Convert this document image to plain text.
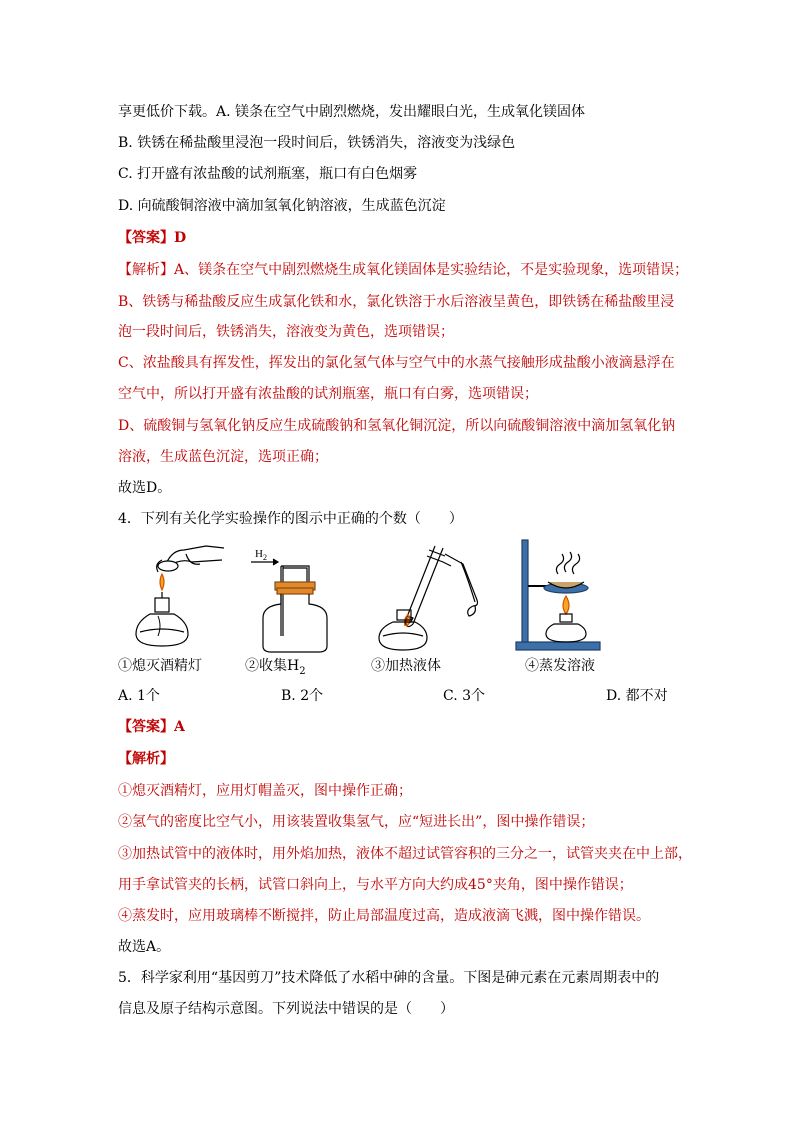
享更低价下载。A. 镁条在空气中剧烈燃烧，发出耀眼白光，生成氧化镁固体
B. 铁锈在稀盐酸里浸泡一段时间后，铁锈消失，溶液变为浅绿色
C. 打开盛有浓盐酸的试剂瓶塞，瓶口有白色烟雾
D. 向硫酸铜溶液中滴加氢氧化钠溶液，生成蓝色沉淀
【答案】D
【解析】A、镁条在空气中剧烈燃烧生成氧化镁固体是实验结论，不是实验现象，选项错误；
B、铁锈与稀盐酸反应生成氯化铁和水，氯化铁溶于水后溶液呈黄色，即铁锈在稀盐酸里浸
泡一段时间后，铁锈消失，溶液变为黄色，选项错误；
C、浓盐酸具有挥发性，挥发出的氯化氢气体与空气中的水蒸气接触形成盐酸小液滴悬浮在
空气中，所以打开盛有浓盐酸的试剂瓶塞，瓶口有白雾，选项错误；
D、硫酸铜与氢氧化钠反应生成硫酸钠和氢氧化铜沉淀，所以向硫酸铜溶液中滴加氢氧化钠
溶液，生成蓝色沉淀，选项正确；
故选D。
4．下列有关化学实验操作的图示中正确的个数（　　）
$H_2$
①熄灭酒精灯	②收集$H_2$	③加热液体	④蒸发溶液
A. 1个	B. 2个	C. 3个	D. 都不对
【答案】A
【解析】
①熄灭酒精灯，应用灯帽盖灭，图中操作正确；
②氢气的密度比空气小，用该装置收集氢气，应“短进长出”，图中操作错误；
③加热试管中的液体时，用外焰加热，液体不超过试管容积的三分之一，试管夹夹在中上部，
用手拿试管夹的长柄，试管口斜向上，与水平方向大约成45°夹角，图中操作错误；
④蒸发时，应用玻璃棒不断搅拌，防止局部温度过高，造成液滴飞溅，图中操作错误。
故选A。
5．科学家利用“基因剪刀”技术降低了水稻中砷的含量。下图是砷元素在元素周期表中的
信息及原子结构示意图。下列说法中错误的是（　　）
